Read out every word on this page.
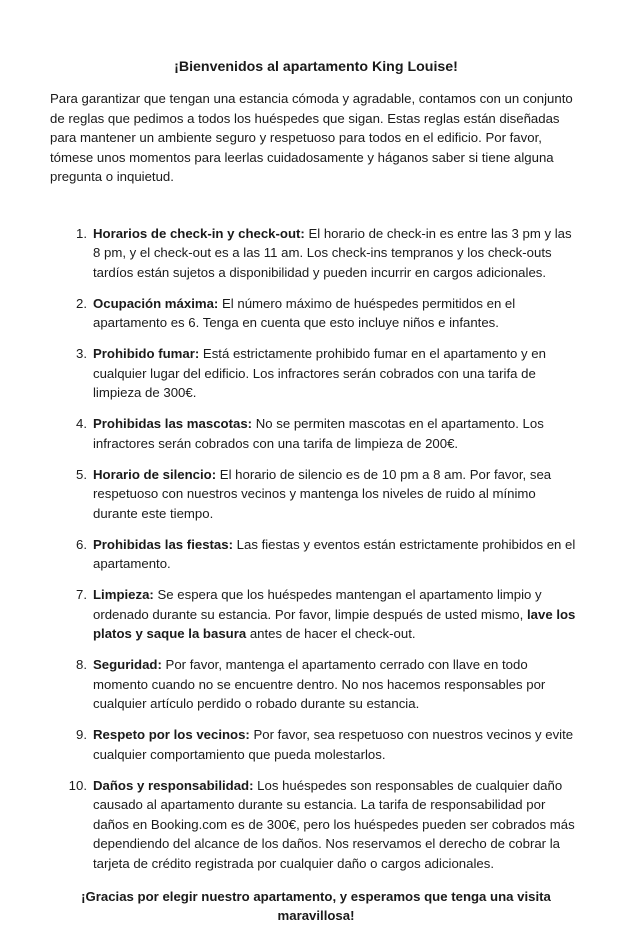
¡Bienvenidos al apartamento King Louise!

Para garantizar que tengan una estancia cómoda y agradable, contamos con un conjunto de reglas que pedimos a todos los huéspedes que sigan. Estas reglas están diseñadas para mantener un ambiente seguro y respetuoso para todos en el edificio. Por favor, tómese unos momentos para leerlas cuidadosamente y háganos saber si tiene alguna pregunta o inquietud.

1. Horarios de check-in y check-out: El horario de check-in es entre las 3 pm y las 8 pm, y el check-out es a las 11 am. Los check-ins tempranos y los check-outs tardíos están sujetos a disponibilidad y pueden incurrir en cargos adicionales.
2. Ocupación máxima: El número máximo de huéspedes permitidos en el apartamento es 6. Tenga en cuenta que esto incluye niños e infantes.
3. Prohibido fumar: Está estrictamente prohibido fumar en el apartamento y en cualquier lugar del edificio. Los infractores serán cobrados con una tarifa de limpieza de 300€.
4. Prohibidas las mascotas: No se permiten mascotas en el apartamento. Los infractores serán cobrados con una tarifa de limpieza de 200€.
5. Horario de silencio: El horario de silencio es de 10 pm a 8 am. Por favor, sea respetuoso con nuestros vecinos y mantenga los niveles de ruido al mínimo durante este tiempo.
6. Prohibidas las fiestas: Las fiestas y eventos están estrictamente prohibidos en el apartamento.
7. Limpieza: Se espera que los huéspedes mantengan el apartamento limpio y ordenado durante su estancia. Por favor, limpie después de usted mismo, lave los platos y saque la basura antes de hacer el check-out.
8. Seguridad: Por favor, mantenga el apartamento cerrado con llave en todo momento cuando no se encuentre dentro. No nos hacemos responsables por cualquier artículo perdido o robado durante su estancia.
9. Respeto por los vecinos: Por favor, sea respetuoso con nuestros vecinos y evite cualquier comportamiento que pueda molestarlos.
10. Daños y responsabilidad: Los huéspedes son responsables de cualquier daño causado al apartamento durante su estancia. La tarifa de responsabilidad por daños en Booking.com es de 300€, pero los huéspedes pueden ser cobrados más dependiendo del alcance de los daños. Nos reservamos el derecho de cobrar la tarjeta de crédito registrada por cualquier daño o cargos adicionales.

¡Gracias por elegir nuestro apartamento, y esperamos que tenga una visita maravillosa!
